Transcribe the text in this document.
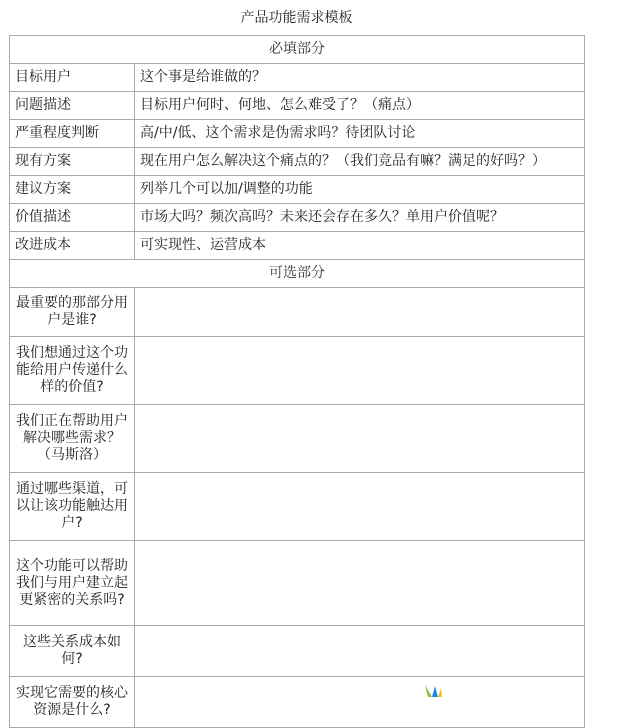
产品功能需求模板
必填部分	
目标用户	这个事是给谁做的？
问题描述	目标用户何时、何地、怎么难受了？（痛点）
严重程度判断	高/中/低、这个需求是伪需求吗？待团队讨论
现有方案	现在用户怎么解决这个痛点的？（我们竞品有嘛？满足的好吗？）
建议方案	列举几个可以加/调整的功能
价值描述	市场大吗？频次高吗？未来还会存在多久？单用户价值呢？
改进成本	可实现性、运营成本
可选部分	
最重要的那部分用户是谁?	
我们想通过这个功能给用户传递什么样的价值?	
我们正在帮助用户解决哪些需求？（马斯洛）	
通过哪些渠道，可以让该功能触达用户?	
这个功能可以帮助我们与用户建立起更紧密的关系吗?	
这些关系成本如何?	
实现它需要的核心资源是什么?	
